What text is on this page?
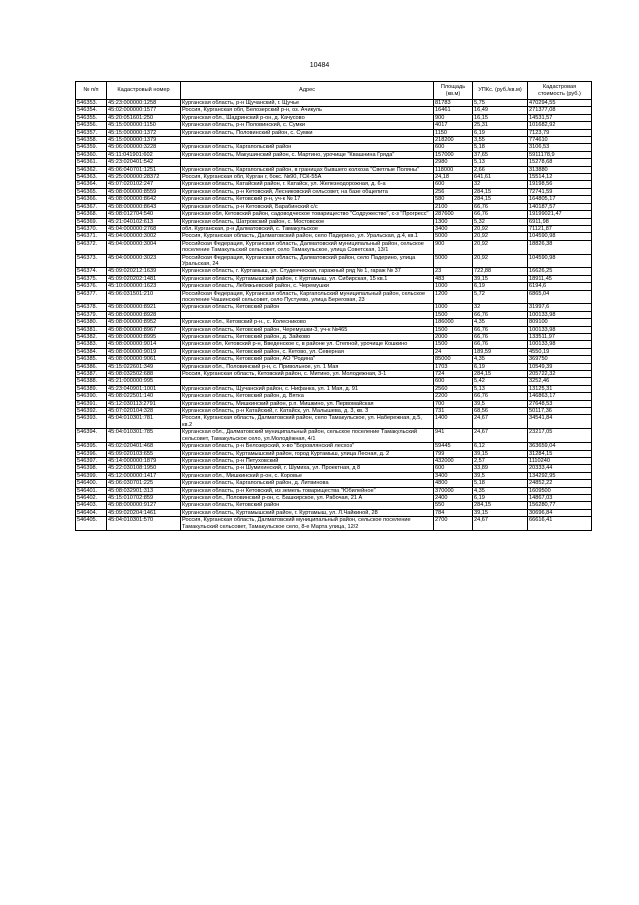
10484
№ п/п	Кадастровый номер	Адрес	Площадь (кв.м)	УПКс. (руб./кв.м)	Кадастровая стоимость (руб.)
546353.	45:23:000000:1258	Курганская область, р-н Щучанский, г. Щучье	81783	5,75	470294,55
546354.	45:02:000000:1577	Россия, Курганская обл, Белозерский р-н, оз. Ачикуль	16461	16,49	271377,08
546355.	45:20:051601:250	Курганская обл., Шадринский р-он, д. Качусово	900	16,15	14531,57
546356.	45:15:000000:1150	Курганская область, р-н Половинский, с. Сумки	4017	25,31	101682,92
546357.	45:15:000000:1372	Курганская область, Половинский район, с. Сумки	1150	6,19	7123,79
546358.	45:15:000000:1379		218200	3,55	774610
546359.	45:06:000000:3228	Курганская область, Каргапольский район	600	5,18	3106,53
546360.	45:11:041901:602	Курганская область, Макушинский район, с. Мартино, урочище "Квашнина Гряда"	157000	37,65	5911178,9
546361.	45:23:020401:542		2980	5,13	15278,68
546362.	45:06:040701:1251	Курганская область, Каргапольский район, в границах бывшего колхоза "Светлые Поляны"	118000	2,66	313880
546363.	45:25:000000:28372	Россия, Курганская обл, Курган г, бокс. №90, ГСК-55А	24,18	641,61	15514,12
546364.	45:07:020102:247	Курганская область, Катайский район, г. Катайск, ул. Железнодорожная, д. 6-а	600	32	19198,56
546365.	45:08:000000:8559	Курганская область, р-н Кетовский, Лесниковский сельсовет, на базе общепита	256	284,15	72741,59
546366.	45:08:000000:8642	Курганская область, Кетовский р-н, уч-к № 17	580	284,15	164805,17
546367.	45:08:000000:8643	Курганская область, р-н Кетовский, Барабинский с/с	2100	66,76	140187,57
546368.	45:08:012704:540	Курганская обл, Кетовский район, садоводческое товарищество "Содружество", с-з "Прогресс"	287600	66,76	19199021,47
546369.	45:21:040102:613	Курганская область, Шатровский район, с. Мостовское	1300	5,32	6911,98
546370.	45:04:000000:2768	обл. Курганская, р-н Далматовский, с. Тамакульское	3400	20,92	71121,87
546371.	45:04:000000:3002	Россия, Курганская область, Далматовский район, село Падерино, ул. Уральская, д.4, кв.1	5000	20,92	104590,98
546372.	45:04:000000:3004	Российская Федерация, Курганская область, Далматовский муниципальный район, сельское поселение Тамакульский сельсовет, село Тамакульское, улица Советская, 13/1	900	20,92	18826,38
546373.	45:04:000000:3023	Российская Федерация, Курганская область, Далматовский район, село Падерино, улица Уральская, 24	5000	20,92	104590,98
546374.	45:09:020212:1639	Курганская область, г. Куртамыш, ул. Студенческая, гаражный ряд № 1, гараж № 37	23	722,88	16626,25
546375.	45:09:020202:1481	Курганская область, Куртамышский район, г. Куртамыш, ул. Сибирская, 15 кв.1	483	39,15	18911,45
546376.	45:10:000000:1623	Курганская область, Лебяжьевский район, с. Черемушки	1000	6,19	6194,6
546377.	45:06:031501:210	Российская Федерация, Курганская область, Каргапольский муниципальный район, сельское поселение Чашинский сельсовет, село Пустуево, улица Береговая, 23	1200	5,72	6865,04
546378.	45:08:000000:8921	Курганская область, Кетовский район	1000	32	31997,6
546379.	45:08:000000:8928		1500	66,76	100133,98
546380.	45:08:000000:8952	Курганская обл., Кетовский р-н., с. Колесниково	186000	4,35	809100
546381.	45:08:000000:8967	Курганская область, Кетовский район, Черемушки-3, уч-к №465	1500	66,76	100133,98
546382.	45:08:000000:8995	Курганская область, Кетовский район, д. Зайково	2000	66,76	133511,97
546383.	45:08:000000:9014	Курганская обл, Кетовский р-н, Введенское с, в районе ул. Степной, урочище Кошкино	1500	66,76	100133,98
546384.	45:08:000000:9019	Курганская область, Кетовский район, с. Кетово, ул. Северная	24	189,59	4550,19
546385.	45:08:000000:9061	Курганская область, Кетовский район, АО "Родина"	85000	4,35	369750
546386.	45:15:022601:349	Курганская обл., Половинский р-н, с. Привольное, ул. 1 Мая	1703	6,19	10549,39
546387.	45:08:032502:688	Россия, Курганская область, Кетовский район, с. Митино, ул. Молодежная, 3-1	724	284,15	205722,32
546388.	45:21:000000:995		600	5,42	3252,46
546389.	45:23:040901:1001	Курганская область, Щучанский район, с. Нифанка, ул. 1 Мая, д. 91	2560	5,13	13125,31
546390.	45:08:022501:140	Курганская область, Кетовский район, д. Вятка	2200	66,76	146863,17
546391.	45:12:030113:2791	Курганская область, Мишкинский район, р.п. Мишкино, ул. Первомайская	700	39,5	27648,53
546392.	45:07:020104:328	Курганская область, р-н Катайский, г. Катайск, ул. Малышева, д. 3, кв. 3	731	68,56	50117,36
546393.	45:04:010301:781	Россия, Курганская область, Далматовский район, село Тамакульское, ул. Набережная, д.5, кв.2	1400	24,67	34541,84
546394.	45:04:010301:785	Курганская обл., Далматовский муниципальный район, сельское поселение Тамакульский сельсовет, Тамакульское село, ул.Молодёжная, 4/1	941	24,67	23217,05
546395.	45:02:020401:468	Курганская область, р-н Белозерский, х-во "Боровлянский лесхоз"	59445	6,12	363659,04
546396.	45:09:020103:655	Курганская область, Куртамышский район, город Куртамыш, улица Лесная, д. 2	799	39,15	31284,15
546397.	45:14:000000:1879	Курганская область, р-н Петуховский	432000	2,57	1110240
546398.	45:22:030108:1950	Курганская область, р-н Шумихинский, г. Шумиха, ул. Проектная, д 8	600	33,89	20333,44
546399.	45:12:000000:1417	Курганская обл., Мишкинский р-он, с. Коровье	3400	39,5	134292,95
546400.	45:06:030701:225	Курганская область, Каргапольский район, д. Литвинова	4800	5,18	24852,22
546401.	45:08:032901:313	Курганская область, р-н Кетовский, из земель товарищества "Юбилейное"	370000	4,35	1609500
546402.	45:15:010702:859	Курганская обл., Половинский р-он, с. Башкирское, ул. Рабочая, 21 А	2400	6,19	14867,03
546403.	45:08:000000:9127	Курганская область, Кетовский район	550	284,15	156280,77
546404.	45:09:020204:1461	Курганская область, Куртамышский район, г. Куртамыш, ул. Л.Чайкиной, 28	784	39,15	30696,84
546405.	45:04:010301:570	Россия, Курганская область, Далматовский муниципальный район, сельское поселение Тамакульский сельсовет, Тамакульское село, 8-е Марта улица, 12/2	2700	24,67	66616,41
